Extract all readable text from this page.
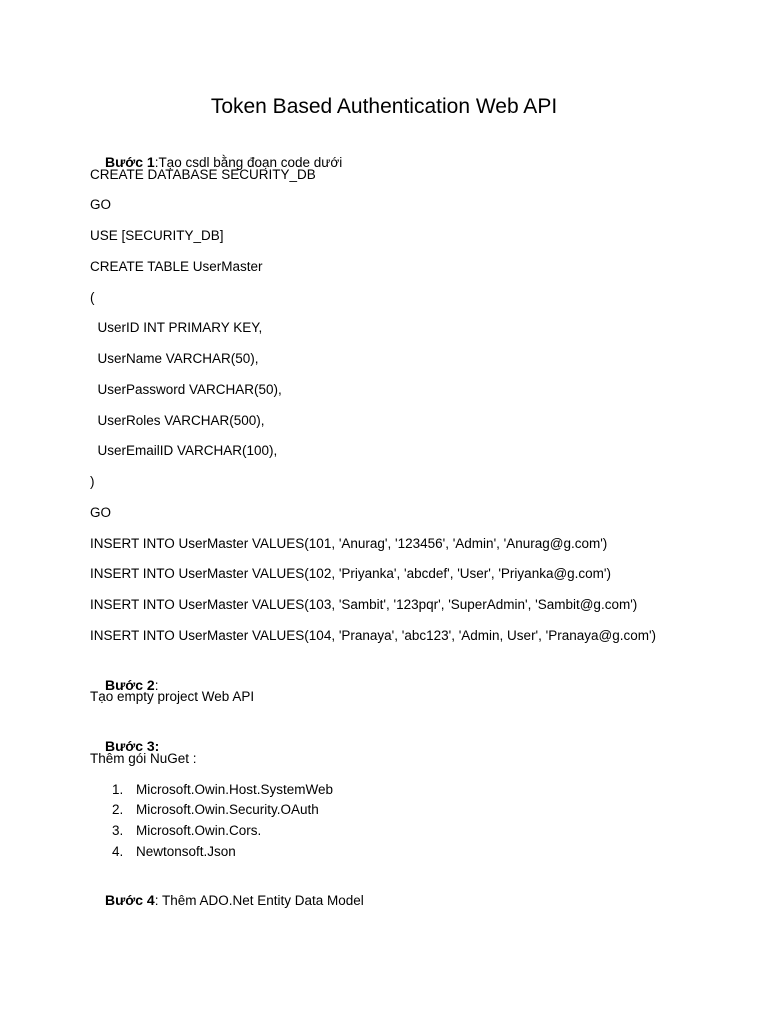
Token Based Authentication Web API

Bước 1:Tạo csdl bằng đoạn code dưới

CREATE DATABASE SECURITY_DB
GO
USE [SECURITY_DB]
CREATE TABLE UserMaster
(
UserID INT PRIMARY KEY,
UserName VARCHAR(50),
UserPassword VARCHAR(50),
UserRoles VARCHAR(500),
UserEmailID VARCHAR(100),
)
GO
INSERT INTO UserMaster VALUES(101, 'Anurag', '123456', 'Admin', 'Anurag@g.com')
INSERT INTO UserMaster VALUES(102, 'Priyanka', 'abcdef', 'User', 'Priyanka@g.com')
INSERT INTO UserMaster VALUES(103, 'Sambit', '123pqr', 'SuperAdmin', 'Sambit@g.com')
INSERT INTO UserMaster VALUES(104, 'Pranaya', 'abc123', 'Admin, User', 'Pranaya@g.com')

Bước 2:

Tạo empty project Web API

Bước 3:

Thêm gói NuGet :
1. Microsoft.Owin.Host.SystemWeb
2. Microsoft.Owin.Security.OAuth
3. Microsoft.Owin.Cors.
4. Newtonsoft.Json

Bước 4: Thêm ADO.Net Entity Data Model
